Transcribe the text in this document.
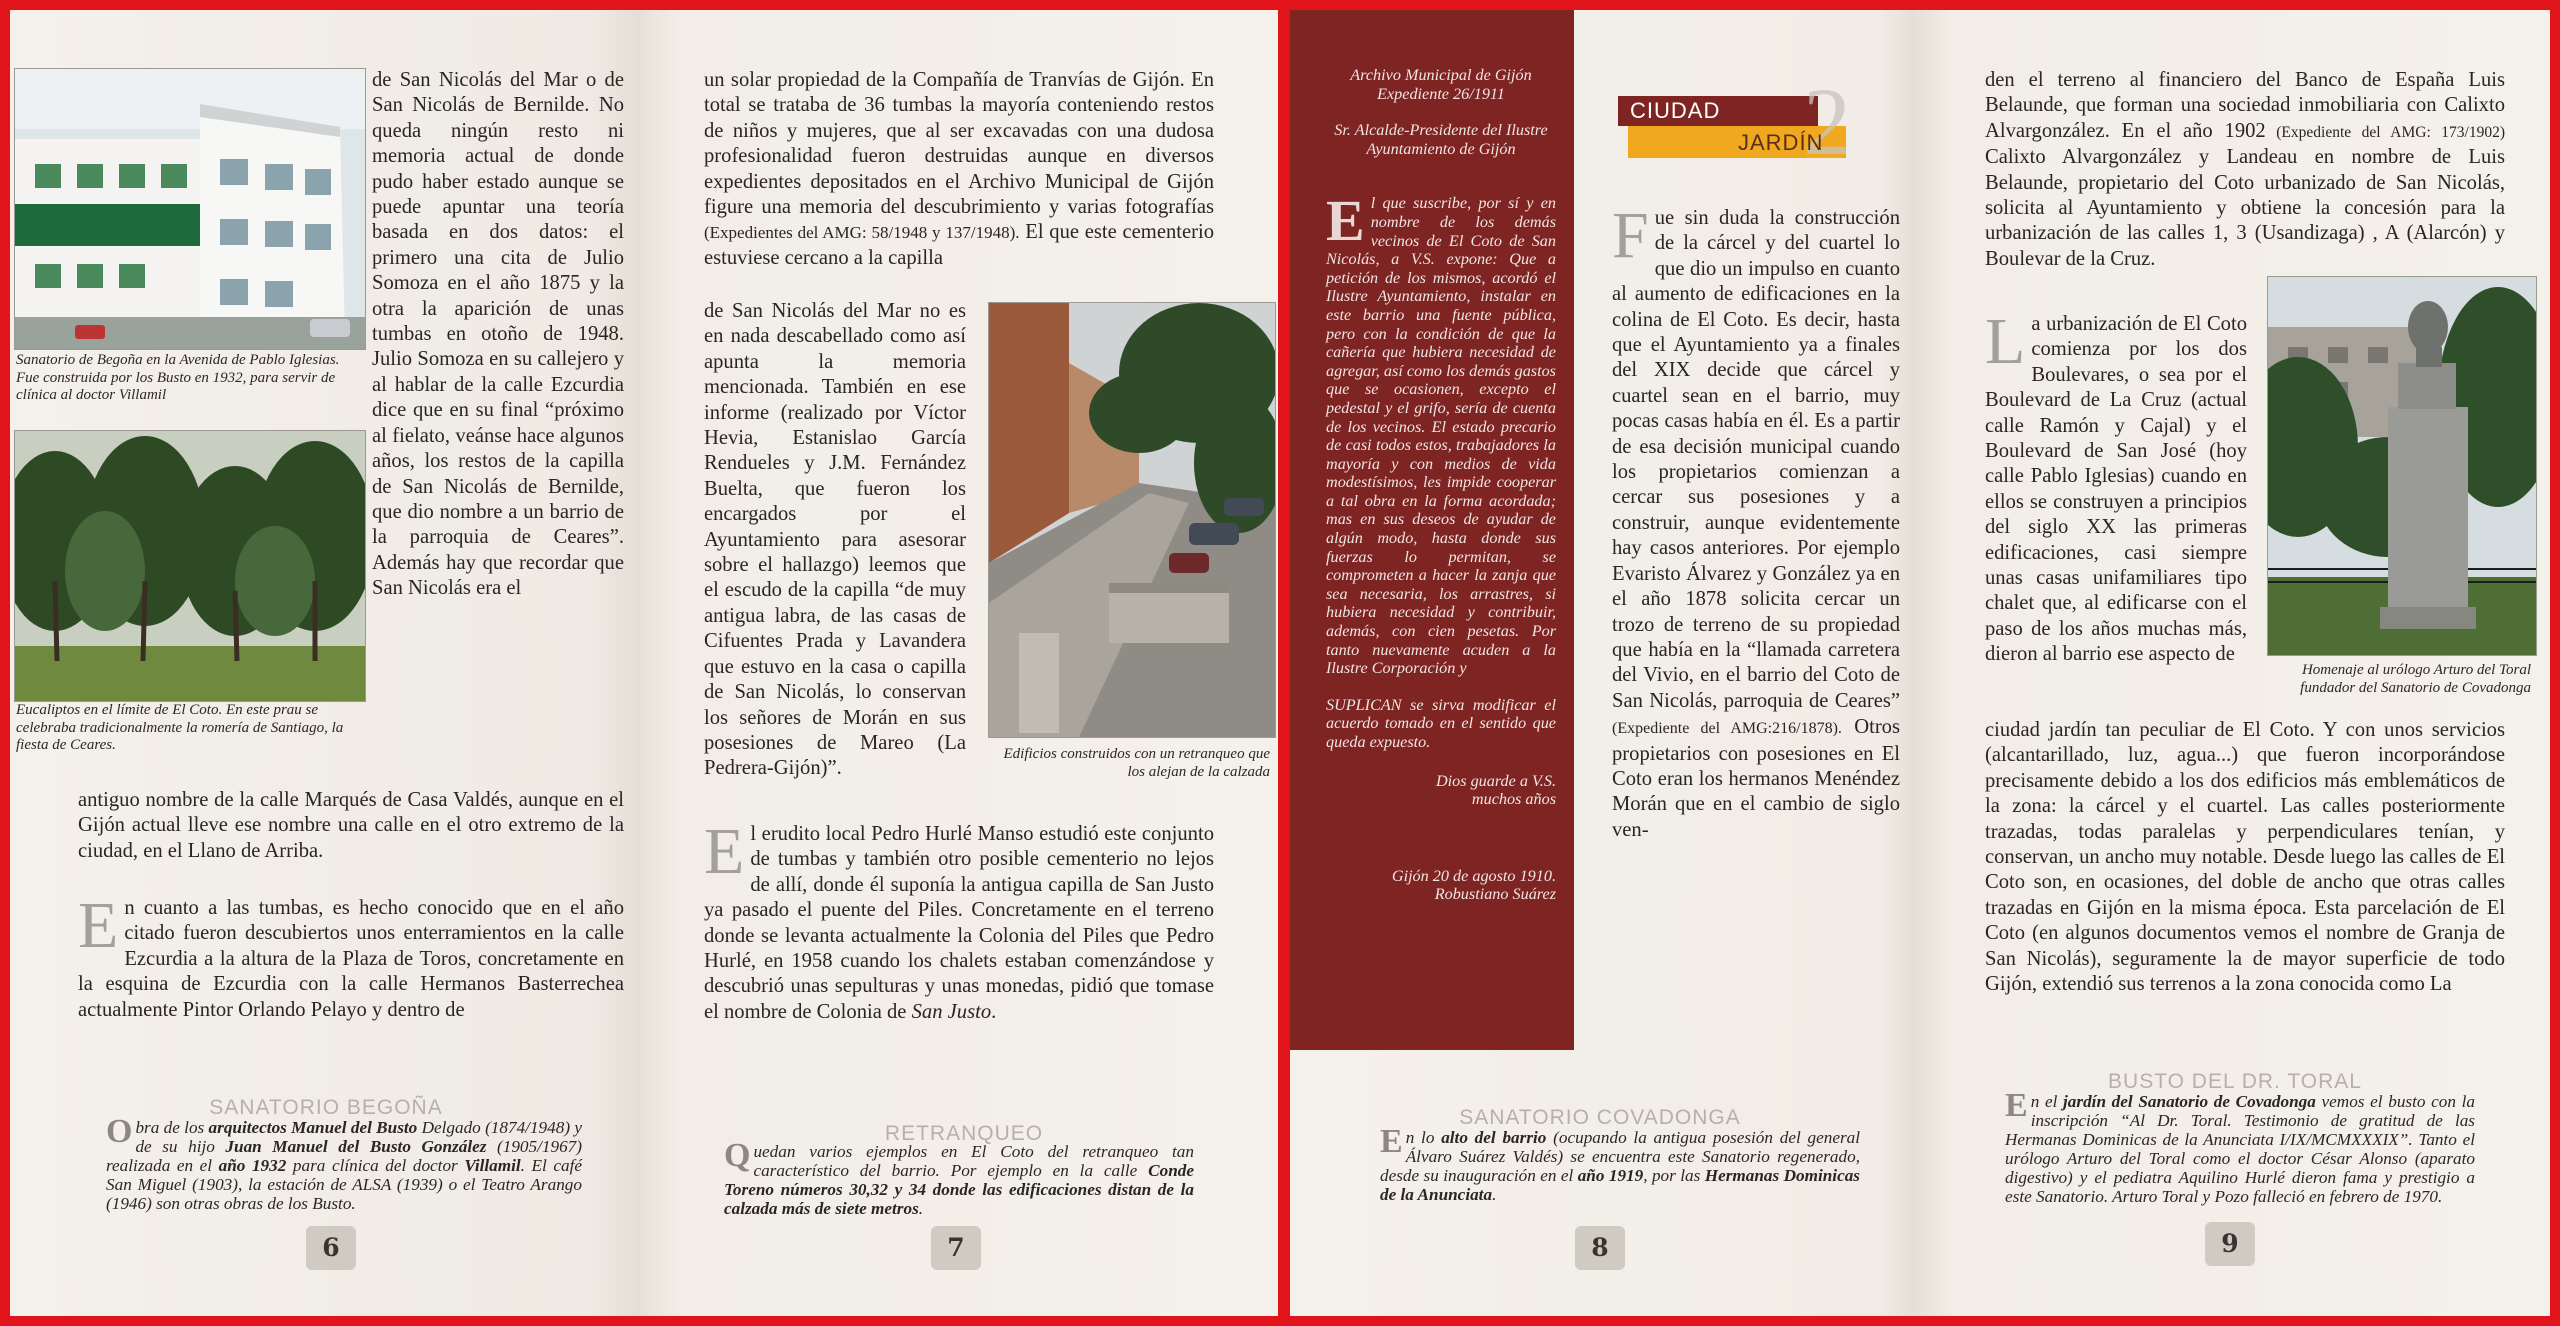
Sanatorio de Begoña en la Avenida de Pablo Iglesias. Fue construida por los Busto en 1932, para servir de clínica al doctor Villamil

Eucaliptos en el límite de El Coto. En este prau se celebraba tradicionalmente la romería de Santiago, la fiesta de Ceares.

de San Nicolás del Mar o de San Nicolás de Bernilde. No queda ningún resto ni memoria actual de donde pudo haber estado aunque se puede apuntar una teoría basada en dos datos: el primero una cita de Julio Somoza en el año 1875 y la otra la aparición de unas tumbas en otoño de 1948. Julio Somoza en su callejero y al hablar de la calle Ezcurdia dice que en su final “próximo al fielato, veánse hace algunos años, los restos de la capilla de San Nicolás de Bernilde, que dio nombre a un barrio de la parroquia de Ceares”. Además hay que recordar que San Nicolás era el

antiguo nombre de la calle Marqués de Casa Valdés, aunque en el Gijón actual lleve ese nombre una calle en el otro extremo de la ciudad, en el Llano de Arriba.

En cuanto a las tumbas, es hecho conocido que en el año citado fueron descubiertos unos enterramientos en la calle Ezcurdia a la altura de la Plaza de Toros, concretamente en la esquina de Ezcurdia con la calle Hermanos Basterrechea actualmente Pintor Orlando Pelayo y dentro de

SANATORIO BEGOÑA

Obra de los arquitectos Manuel del Busto Delgado (1874/1948) y de su hijo Juan Manuel del Busto González (1905/1967) realizada en el año 1932 para clínica del doctor Villamil. El café San Miguel (1903), la estación de ALSA (1939) o el Teatro Arango (1946) son otras obras de los Busto.

6

un solar propiedad de la Compañía de Tranvías de Gijón. En total se trataba de 36 tumbas la mayoría conteniendo restos de niños y mujeres, que al ser excavadas con una dudosa profesionalidad fueron destruidas aunque en diversos expedientes depositados en el Archivo Municipal de Gijón figure una memoria del descubrimiento y varias fotografías (Expedientes del AMG: 58/1948 y 137/1948). El que este cementerio estuviese cercano a la capilla

de San Nicolás del Mar no es en nada descabellado como así apunta la memoria mencionada. También en ese informe (realizado por Víctor Hevia, Estanislao García Rendueles y J.M. Fernández Buelta, que fueron los encargados por el Ayuntamiento para asesorar sobre el hallazgo) leemos que el escudo de la capilla “de muy antigua labra, de las casas de Cifuentes Prada y Lavandera que estuvo en la casa o capilla de San Nicolás, lo conservan los señores de Morán en sus posesiones de Mareo (La Pedrera-Gijón)”.

Edificios construidos con un retranqueo que los alejan de la calzada

El erudito local Pedro Hurlé Manso estudió este conjunto de tumbas y también otro posible cementerio no lejos de allí, donde él suponía la antigua capilla de San Justo ya pasado el puente del Piles. Concretamente en el terreno donde se levanta actualmente la Colonia del Piles que Pedro Hurlé, en 1958 cuando los chalets estaban comenzándose y descubrió unas sepulturas y unas monedas, pidió que tomase el nombre de Colonia de San Justo.

RETRANQUEO

Quedan varios ejemplos en El Coto del retranqueo tan característico del barrio. Por ejemplo en la calle Conde Toreno números 30,32 y 34 donde las edificaciones distan de la calzada más de siete metros.

7

Archivo Municipal de Gijón

Expediente 26/1911

Sr. Alcalde-Presidente del Ilustre Ayuntamiento de Gijón

El que suscribe, por sí y en nombre de los demás vecinos de El Coto de San Nicolás, a V.S. expone: Que a petición de los mismos, acordó el Ilustre Ayuntamiento, instalar en este barrio una fuente pública, pero con la condición de que la cañería que hubiera necesidad de agregar, así como los demás gastos que se ocasionen, excepto el pedestal y el grifo, sería de cuenta de los vecinos. El estado precario de casi todos estos, trabajadores la mayoría y con medios de vida modestísimos, les impide cooperar a tal obra en la forma acordada; mas en sus deseos de ayudar de algún modo, hasta donde sus fuerzas lo permitan, se comprometen a hacer la zanja que sea necesaria, los arrastres, si hubiera necesidad y contribuir, además, con cien pesetas. Por tanto nuevamente acuden a la Ilustre Corporación y

SUPLICAN se sirva modificar el acuerdo tomado en el sentido que queda expuesto.

Dios guarde a V.S. muchos años

Gijón 20 de agosto 1910. Robustiano Suárez

2
CIUDAD
JARDÍN

Fue sin duda la construcción de la cárcel y del cuartel lo que dio un impulso en cuanto al aumento de edificaciones en la colina de El Coto. Es decir, hasta que el Ayuntamiento ya a finales del XIX decide que cárcel y cuartel sean en el barrio, muy pocas casas había en él. Es a partir de esa decisión municipal cuando los propietarios comienzan a cercar sus posesiones y a construir, aunque evidentemente hay casos anteriores. Por ejemplo Evaristo Álvarez y González ya en el año 1878 solicita cercar un trozo de terreno de su propiedad que había en la “llamada carretera del Vivio, en el barrio del Coto de San Nicolás, parroquia de Ceares” (Expediente del AMG:216/1878). Otros propietarios con posesiones en El Coto eran los hermanos Menéndez Morán que en el cambio de siglo ven-

SANATORIO COVADONGA

En lo alto del barrio (ocupando la antigua posesión del general Álvaro Suárez Valdés) se encuentra este Sanatorio regenerado, desde su inauguración en el año 1919, por las Hermanas Dominicas de la Anunciata.

8

den el terreno al financiero del Banco de España Luis Belaunde, que forman una sociedad inmobiliaria con Calixto Alvargonzález. En el año 1902 (Expediente del AMG: 173/1902) Calixto Alvargonzález y Landeau en nombre de Luis Belaunde, propietario del Coto urbanizado de San Nicolás, solicita al Ayuntamiento y obtiene la concesión para la urbanización de las calles 1, 3 (Usandizaga) , A (Alarcón) y Boulevar de la Cruz.

La urbanización de El Coto comienza por los dos Boulevares, o sea por el Boulevard de La Cruz (actual calle Ramón y Cajal) y el Boulevard de San José (hoy calle Pablo Iglesias) cuando en ellos se construyen a principios del siglo XX las primeras edificaciones, casi siempre unas casas unifamiliares tipo chalet que, al edificarse con el paso de los años muchas más, dieron al barrio ese aspecto de

Homenaje al urólogo Arturo del Toral fundador del Sanatorio de Covadonga

ciudad jardín tan peculiar de El Coto. Y con unos servicios (alcantarillado, luz, agua...) que fueron incorporándose precisamente debido a los dos edificios más emblemáticos de la zona: la cárcel y el cuartel. Las calles posteriormente trazadas, todas paralelas y perpendiculares tenían, y conservan, un ancho muy notable. Desde luego las calles de El Coto son, en ocasiones, del doble de ancho que otras calles trazadas en Gijón en la misma época. Esta parcelación de El Coto (en algunos documentos vemos el nombre de Granja de San Nicolás), seguramente la de mayor superficie de todo Gijón, extendió sus terrenos a la zona conocida como La

BUSTO DEL DR. TORAL

En el jardín del Sanatorio de Covadonga vemos el busto con la inscripción “Al Dr. Toral. Testimonio de gratitud de las Hermanas Dominicas de la Anunciata I/IX/MCMXXXIX”. Tanto el urólogo Arturo del Toral como el doctor César Alonso (aparato digestivo) y el pediatra Aquilino Hurlé dieron fama y prestigio a este Sanatorio. Arturo Toral y Pozo falleció en febrero de 1970.

9
